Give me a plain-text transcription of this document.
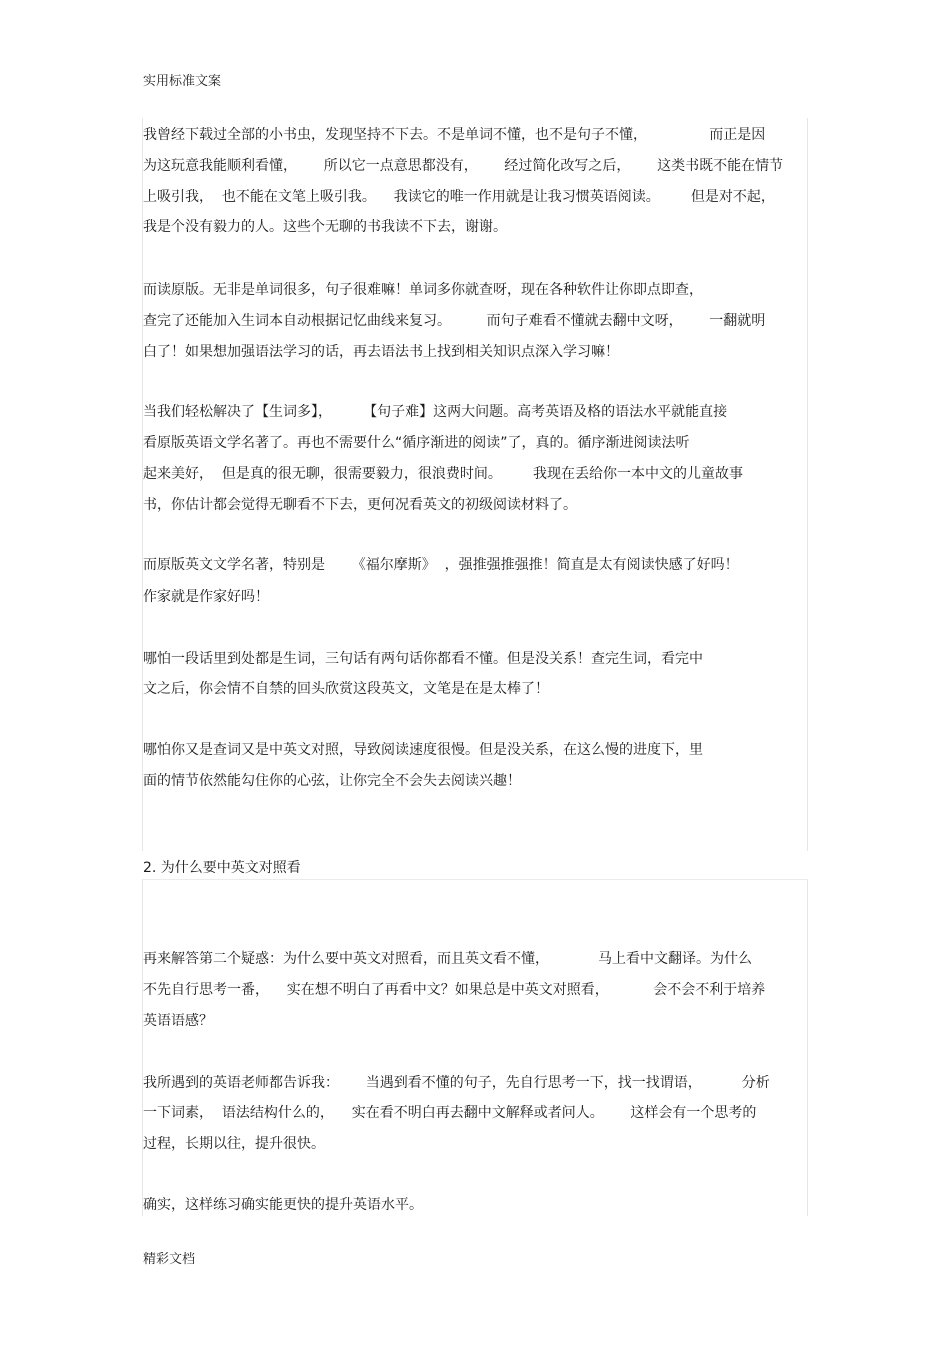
实用标准文案
我曾经下载过全部的小书虫，发现坚持不下去。不是单词不懂，也不是句子不懂，              而正是因
为这玩意我能顺利看懂，      所以它一点意思都没有，      经过简化改写之后，      这类书既不能在情节
上吸引我，  也不能在文笔上吸引我。    我读它的唯一作用就是让我习惯英语阅读。       但是对不起，
我是个没有毅力的人。这些个无聊的书我读不下去，谢谢。
而读原版。无非是单词很多，句子很难嘛！单词多你就查呀，现在各种软件让你即点即查，
查完了还能加入生词本自动根据记忆曲线来复习。        而句子难看不懂就去翻中文呀，      一翻就明
白了！如果想加强语法学习的话，再去语法书上找到相关知识点深入学习嘛！
当我们轻松解决了【生词多】，       【句子难】这两大问题。高考英语及格的语法水平就能直接
看原版英语文学名著了。再也不需要什么“循序渐进的阅读”了，真的。循序渐进阅读法听
起来美好，  但是真的很无聊，很需要毅力，很浪费时间。       我现在丢给你一本中文的儿童故事
书，你估计都会觉得无聊看不下去，更何况看英文的初级阅读材料了。
而原版英文文学名著，特别是      《福尔摩斯》  ，强推强推强推！简直是太有阅读快感了好吗！
作家就是作家好吗！
哪怕一段话里到处都是生词，三句话有两句话你都看不懂。但是没关系！查完生词，看完中
文之后，你会情不自禁的回头欣赏这段英文，文笔是在是太棒了！
哪怕你又是查词又是中英文对照，导致阅读速度很慢。但是没关系，在这么慢的进度下，里
面的情节依然能勾住你的心弦，让你完全不会失去阅读兴趣！
2. 为什么要中英文对照看
再来解答第二个疑惑：为什么要中英文对照看，而且英文看不懂，           马上看中文翻译。为什么
不先自行思考一番，    实在想不明白了再看中文？如果总是中英文对照看，          会不会不利于培养
英语语感？
我所遇到的英语老师都告诉我：      当遇到看不懂的句子，先自行思考一下，找一找谓语，         分析
一下词素，  语法结构什么的，    实在看不明白再去翻中文解释或者问人。      这样会有一个思考的
过程，长期以往，提升很快。
确实，这样练习确实能更快的提升英语水平。
精彩文档
